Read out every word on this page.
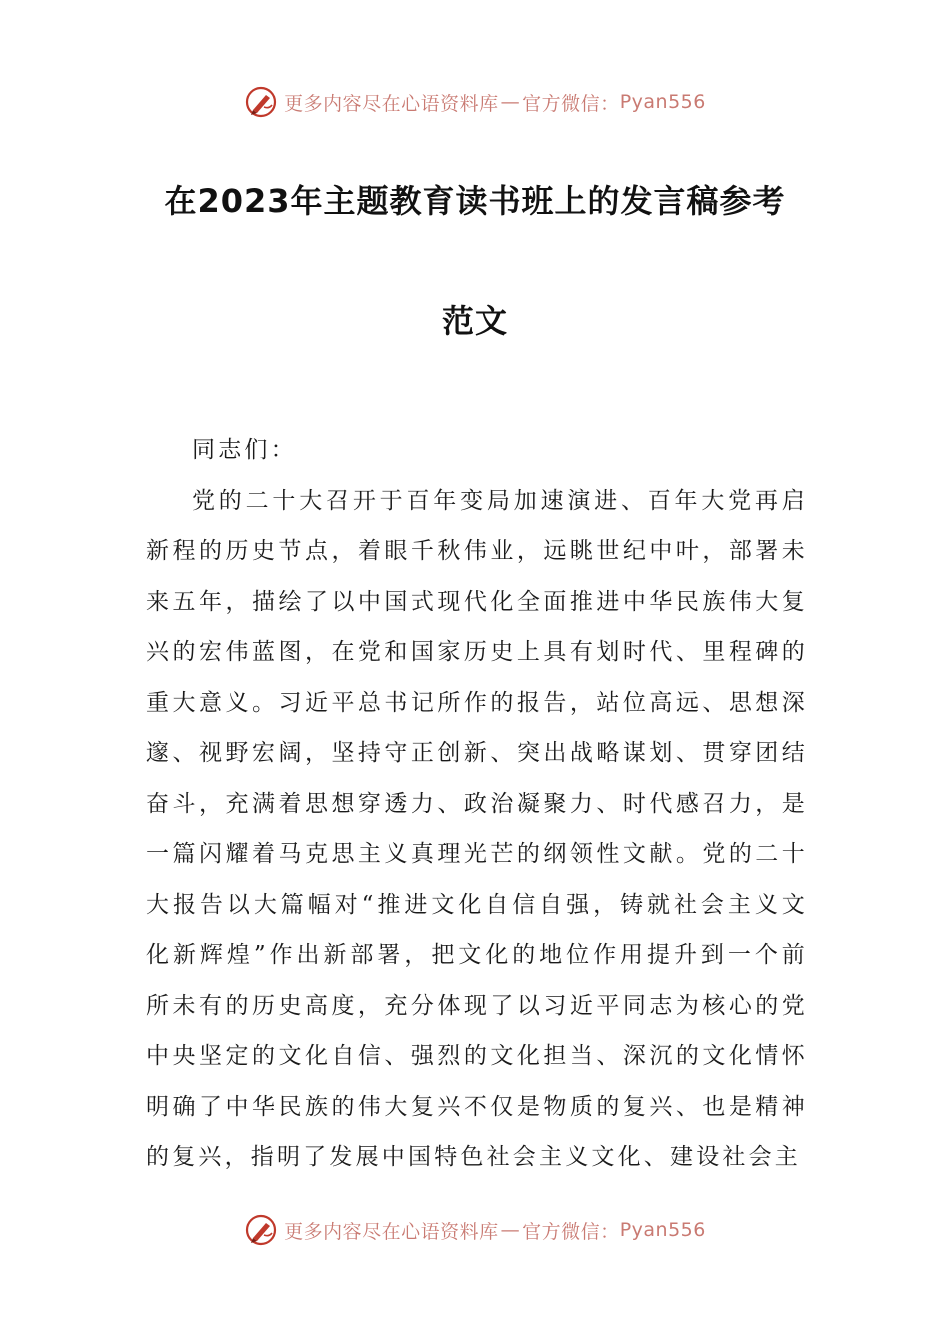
更多内容尽在心语资料库 — 官方微信： Pyan556
在2023年主题教育读书班上的发言稿参考
范文

同志们：

党的二十大召开于百年变局加速演进、百年大党再启新程的历史节点，着眼千秋伟业，远眺世纪中叶，部署未来五年，描绘了以中国式现代化全面推进中华民族伟大复兴的宏伟蓝图，在党和国家历史上具有划时代、里程碑的重大意义。习近平总书记所作的报告，站位高远、思想深邃、视野宏阔，坚持守正创新、突出战略谋划、贯穿团结奋斗，充满着思想穿透力、政治凝聚力、时代感召力，是一篇闪耀着马克思主义真理光芒的纲领性文献。党的二十大报告以大篇幅对“推进文化自信自强，铸就社会主义文化新辉煌”作出新部署，把文化的地位作用提升到一个前所未有的历史高度，充分体现了以习近平同志为核心的党中央坚定的文化自信、强烈的文化担当、深沉的文化情怀明确了中华民族的伟大复兴不仅是物质的复兴、也是精神的复兴，指明了发展中国特色社会主义文化、建设社会主

更多内容尽在心语资料库 — 官方微信： Pyan556
